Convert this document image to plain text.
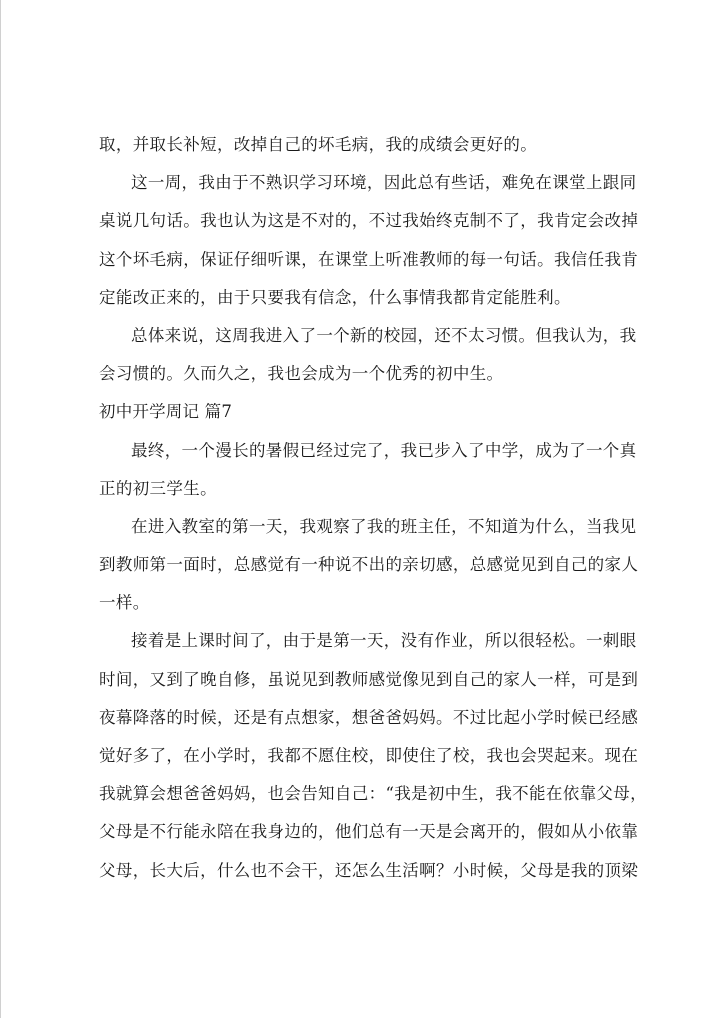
取，并取长补短，改掉自己的坏毛病，我的成绩会更好的。
这一周，我由于不熟识学习环境，因此总有些话，难免在课堂上跟同
桌说几句话。我也认为这是不对的，不过我始终克制不了，我肯定会改掉
这个坏毛病，保证仔细听课，在课堂上听准教师的每一句话。我信任我肯
定能改正来的，由于只要我有信念，什么事情我都肯定能胜利。
总体来说，这周我进入了一个新的校园，还不太习惯。但我认为，我
会习惯的。久而久之，我也会成为一个优秀的初中生。
初中开学周记 篇7
最终，一个漫长的暑假已经过完了，我已步入了中学，成为了一个真
正的初三学生。
在进入教室的第一天，我观察了我的班主任，不知道为什么，当我见
到教师第一面时，总感觉有一种说不出的亲切感，总感觉见到自己的家人
一样。
接着是上课时间了，由于是第一天，没有作业，所以很轻松。一刺眼
时间，又到了晚自修，虽说见到教师感觉像见到自己的家人一样，可是到
夜幕降落的时候，还是有点想家，想爸爸妈妈。不过比起小学时候已经感
觉好多了，在小学时，我都不愿住校，即使住了校，我也会哭起来。现在
我就算会想爸爸妈妈，也会告知自己：“我是初中生，我不能在依靠父母，
父母是不行能永陪在我身边的，他们总有一天是会离开的，假如从小依靠
父母，长大后，什么也不会干，还怎么生活啊？小时候，父母是我的顶梁
